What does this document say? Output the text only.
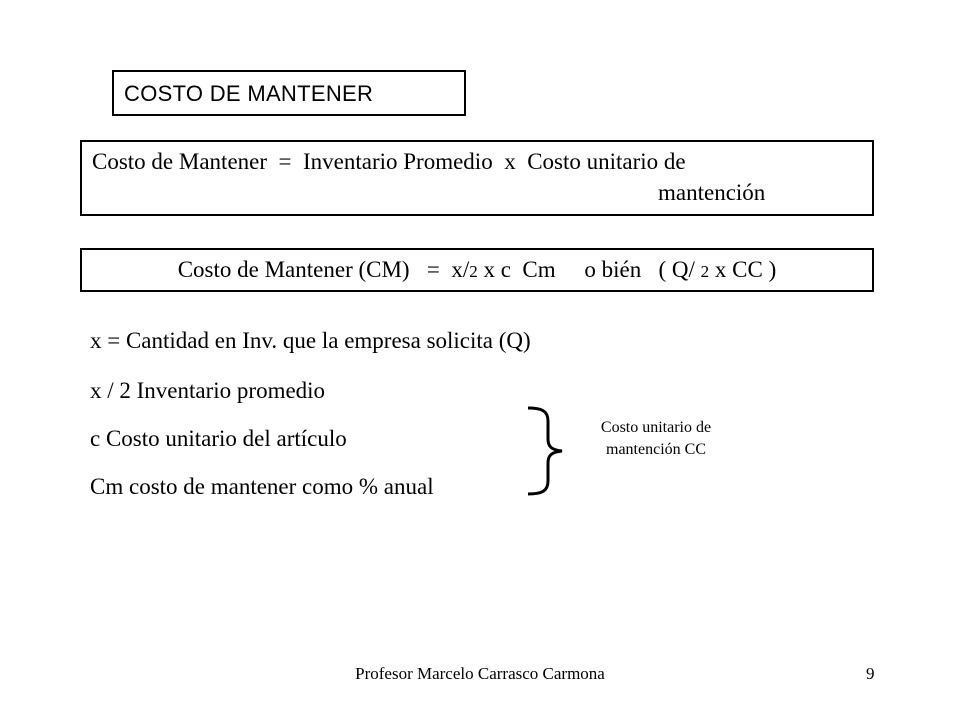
COSTO DE MANTENER
Costo de Mantener  =  Inventario Promedio  x  Costo unitario de
mantención
Costo de Mantener (CM)   =  x/2 x c  Cm     o bién   ( Q/ 2 x CC )
x = Cantidad en Inv. que la empresa solicita (Q)
x / 2 Inventario promedio
c Costo unitario del artículo
Cm costo de mantener como % anual
Costo unitario de
mantención CC
Profesor Marcelo Carrasco Carmona	9
